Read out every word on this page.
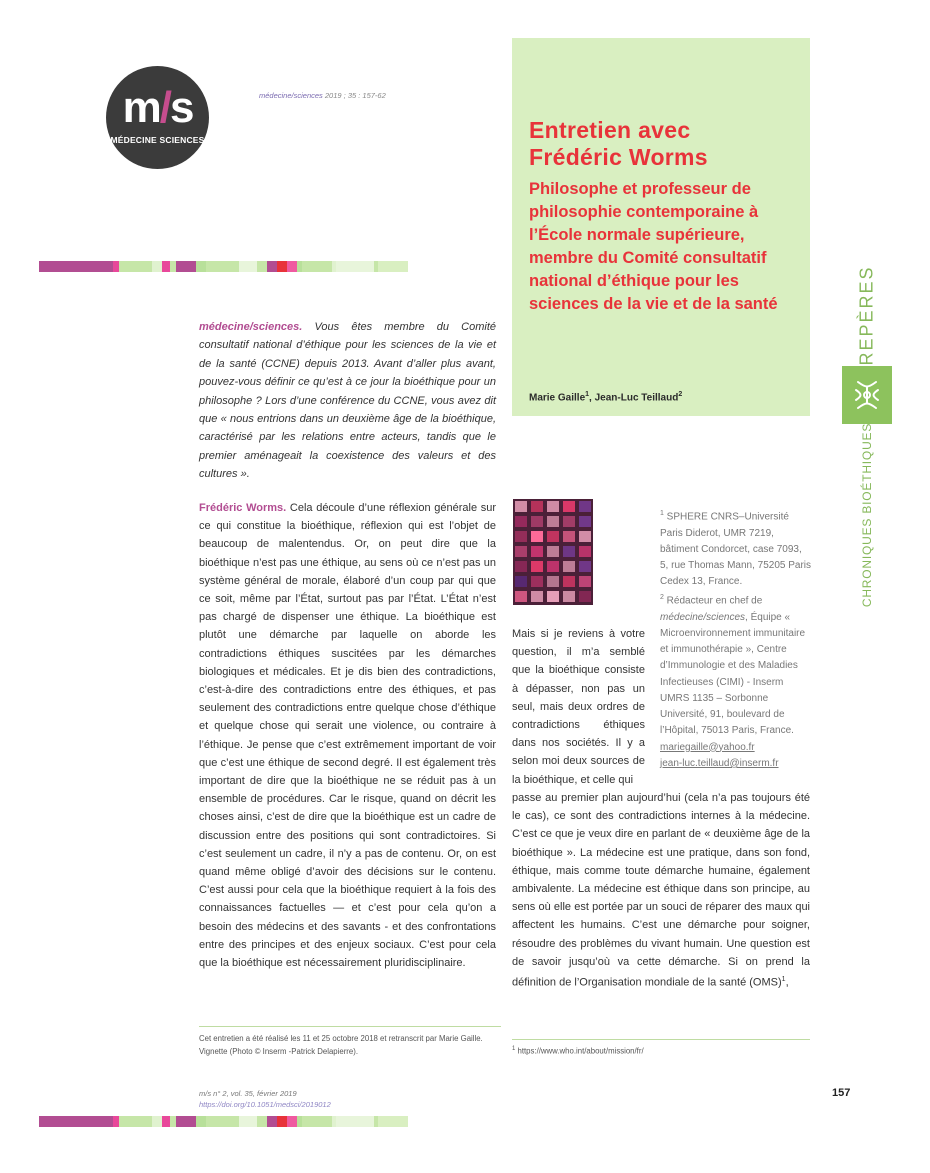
m/s
MÉDECINE SCIENCES
médecine/sciences 2019 ; 35 : 157-62
Entretien avec
Frédéric Worms
Philosophe et professeur de philosophie contemporaine à l’École normale supérieure, membre du Comité consultatif national d’éthique pour les sciences de la vie et de la santé
Marie Gaille$^1$, Jean-Luc Teillaud$^2$
REPÈRES
CHRONIQUES BIOÉTHIQUES
médecine/sciences. Vous êtes membre du Comité consultatif national d’éthique pour les sciences de la vie et de la santé (CCNE) depuis 2013. Avant d’aller plus avant, pouvez-vous définir ce qu’est à ce jour la bioéthique pour un philosophe ? Lors d’une conférence du CCNE, vous avez dit que « nous entrions dans un deuxième âge de la bioéthique, caractérisé par les relations entre acteurs, tandis que le premier aménageait la coexistence des valeurs et des cultures ».
Frédéric Worms. Cela découle d’une réflexion générale sur ce qui constitue la bioéthique, réflexion qui est l’objet de beaucoup de malentendus. Or, on peut dire que la bioéthique n’est pas une éthique, au sens où ce n’est pas un système général de morale, élaboré d’un coup par qui que ce soit, même par l’État, surtout pas par l’État. L’État n’est pas chargé de dispenser une éthique. La bioéthique est plutôt une démarche par laquelle on aborde les contradictions éthiques suscitées par les démarches biologiques et médicales. Et je dis bien des contradictions, c’est-à-dire des contradictions entre des éthiques, et pas seulement des contradictions entre quelque chose d’éthique et quelque chose qui serait une violence, ou contraire à l’éthique. Je pense que c’est extrêmement important de voir que c’est une éthique de second degré. Il est également très important de dire que la bioéthique ne se réduit pas à un ensemble de procédures. Car le risque, quand on décrit les choses ainsi, c’est de dire que la bioéthique est un cadre de discussion entre des positions qui sont contradictoires. Si c’est seulement un cadre, il n’y a pas de contenu. Or, on est quand même obligé d’avoir des décisions sur le contenu. C’est aussi pour cela que la bioéthique requiert à la fois des connaissances factuelles — et c’est pour cela qu’on a besoin des médecins et des savants - et des confrontations entre des principes et des enjeux sociaux. C’est pour cela que la bioéthique est nécessairement pluridisciplinaire.
Mais si je reviens à votre question, il m’a semblé que la bioéthique consiste à dépasser, non pas un seul, mais deux ordres de contradictions éthiques dans nos sociétés. Il y a selon moi deux sources de la bioéthique, et celle qui
passe au premier plan aujourd’hui (cela n’a pas toujours été le cas), ce sont des contradictions internes à la médecine. C’est ce que je veux dire en parlant de « deuxième âge de la bioéthique ». La médecine est une pratique, dans son fond, éthique, mais comme toute démarche humaine, également ambivalente. La médecine est éthique dans son principe, au sens où elle est portée par un souci de réparer des maux qui affectent les humains. C’est une démarche pour soigner, résoudre des problèmes du vivant humain. Une question est de savoir jusqu’où va cette démarche. Si on prend la définition de l’Organisation mondiale de la santé (OMS)$^1$,
$^1$ SPHERE CNRS–Université Paris Diderot, UMR 7219, bâtiment Condorcet, case 7093, 5, rue Thomas Mann, 75205 Paris Cedex 13, France.
$^2$ Rédacteur en chef de médecine/sciences, Équipe « Microenvironnement immunitaire et immunothérapie », Centre d’Immunologie et des Maladies Infectieuses (CIMI) - Inserm UMRS 1135 – Sorbonne Université, 91, boulevard de l’Hôpital, 75013 Paris, France.
mariegaille@yahoo.fr
jean-luc.teillaud@inserm.fr
Cet entretien a été réalisé les 11 et 25 octobre 2018 et retranscrit par Marie Gaille. Vignette (Photo © Inserm -Patrick Delapierre).	$^1$ https://www.who.int/about/mission/fr/
m/s n° 2, vol. 35, février 2019
https://doi.org/10.1051/medsci/2019012
157
